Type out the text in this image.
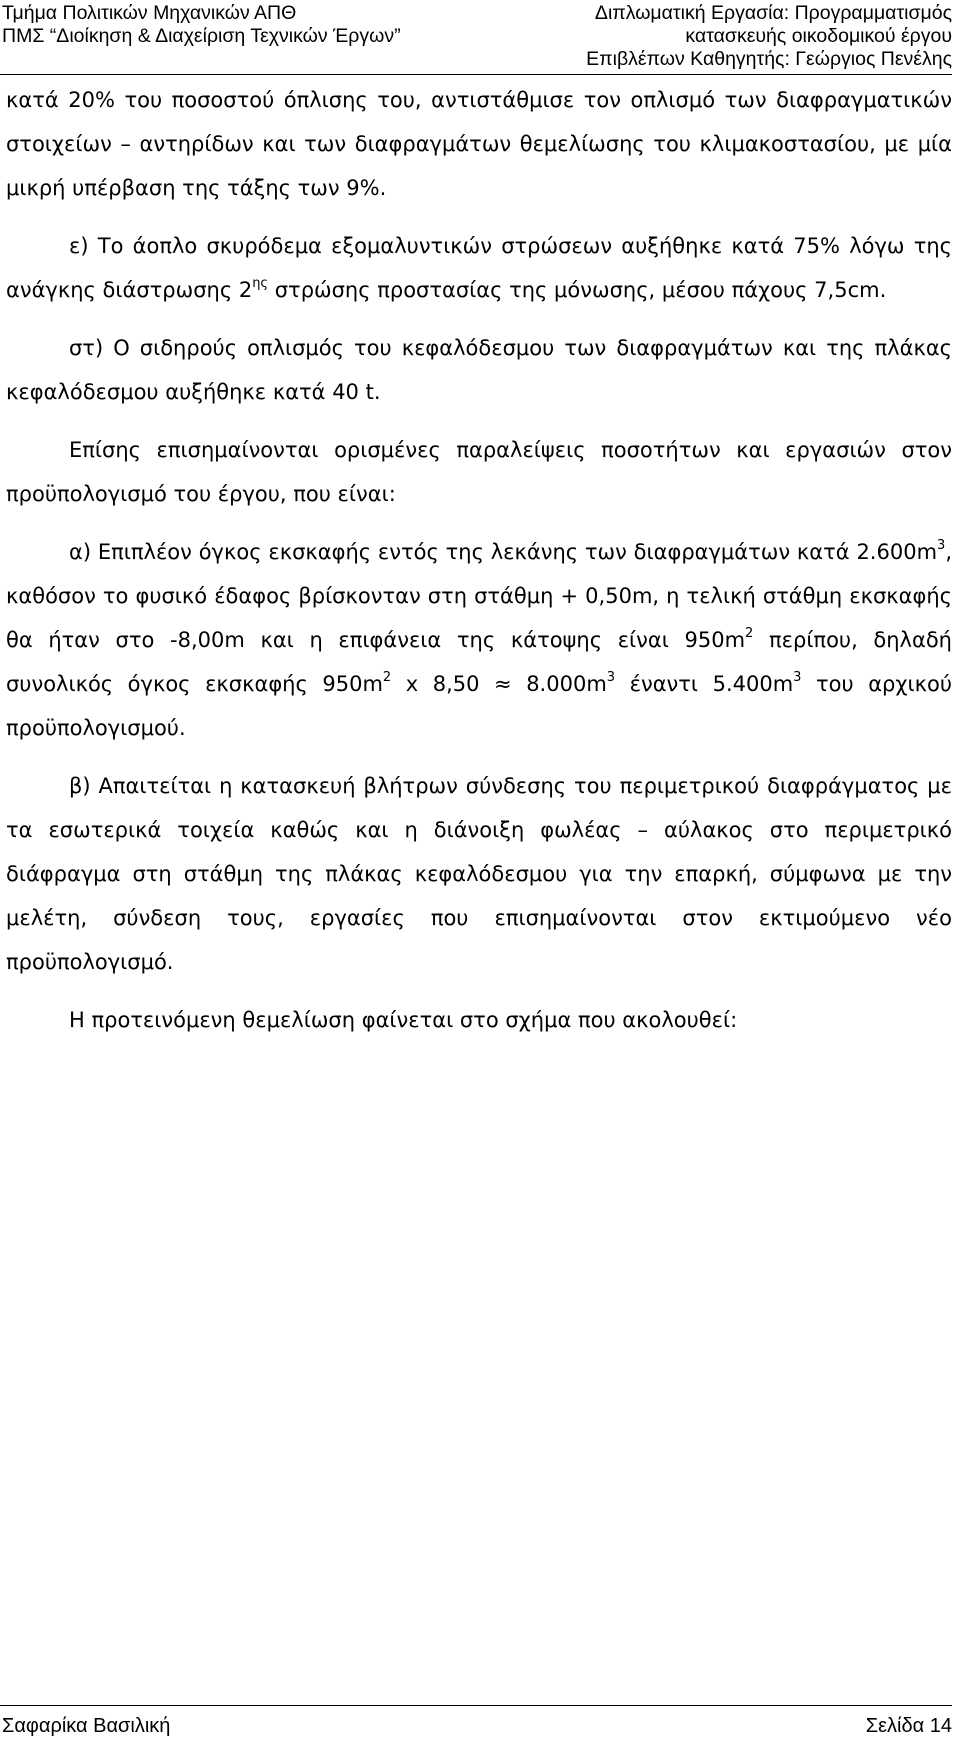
Τμήμα Πολιτικών Μηχανικών ΑΠΘ
ΠΜΣ “Διοίκηση & Διαχείριση Τεχνικών Έργων”
Διπλωματική Εργασία: Προγραμματισμός
κατασκευής οικοδομικού έργου
Επιβλέπων Καθηγητής: Γεώργιος Πενέλης

κατά 20% του ποσοστού όπλισης του, αντιστάθμισε τον οπλισμό των διαφραγματικών στοιχείων – αντηρίδων και των διαφραγμάτων θεμελίωσης του κλιμακοστασίου, με μία μικρή υπέρβαση της τάξης των 9%.

ε) Το άοπλο σκυρόδεμα εξομαλυντικών στρώσεων αυξήθηκε κατά 75% λόγω της ανάγκης διάστρωσης $2^{\eta\varsigma}$ στρώσης προστασίας της μόνωσης, μέσου πάχους 7,5cm.

στ) Ο σιδηρούς οπλισμός του κεφαλόδεσμου των διαφραγμάτων και της πλάκας κεφαλόδεσμου αυξήθηκε κατά 40 t.

Επίσης επισημαίνονται ορισμένες παραλείψεις ποσοτήτων και εργασιών στον προϋπολογισμό του έργου, που είναι:

α) Επιπλέον όγκος εκσκαφής εντός της λεκάνης των διαφραγμάτων κατά $2.600m^3$, καθόσον το φυσικό έδαφος βρίσκονταν στη στάθμη + 0,50m, η τελική στάθμη εκσκαφής θα ήταν στο -8,00m και η επιφάνεια της κάτοψης είναι $950m^2$ περίπου, δηλαδή συνολικός όγκος εκσκαφής $950m^2$ x $8,50 \approx 8.000m^3$ έναντι $5.400m^3$ του αρχικού προϋπολογισμού.

β) Απαιτείται η κατασκευή βλήτρων σύνδεσης του περιμετρικού διαφράγματος με τα εσωτερικά τοιχεία καθώς και η διάνοιξη φωλέας – αύλακος στο περιμετρικό διάφραγμα στη στάθμη της πλάκας κεφαλόδεσμου για την επαρκή, σύμφωνα με την μελέτη, σύνδεση τους, εργασίες που επισημαίνονται στον εκτιμούμενο νέο προϋπολογισμό.

Η προτεινόμενη θεμελίωση φαίνεται στο σχήμα που ακολουθεί:

Σαφαρίκα Βασιλική	Σελίδα 14
